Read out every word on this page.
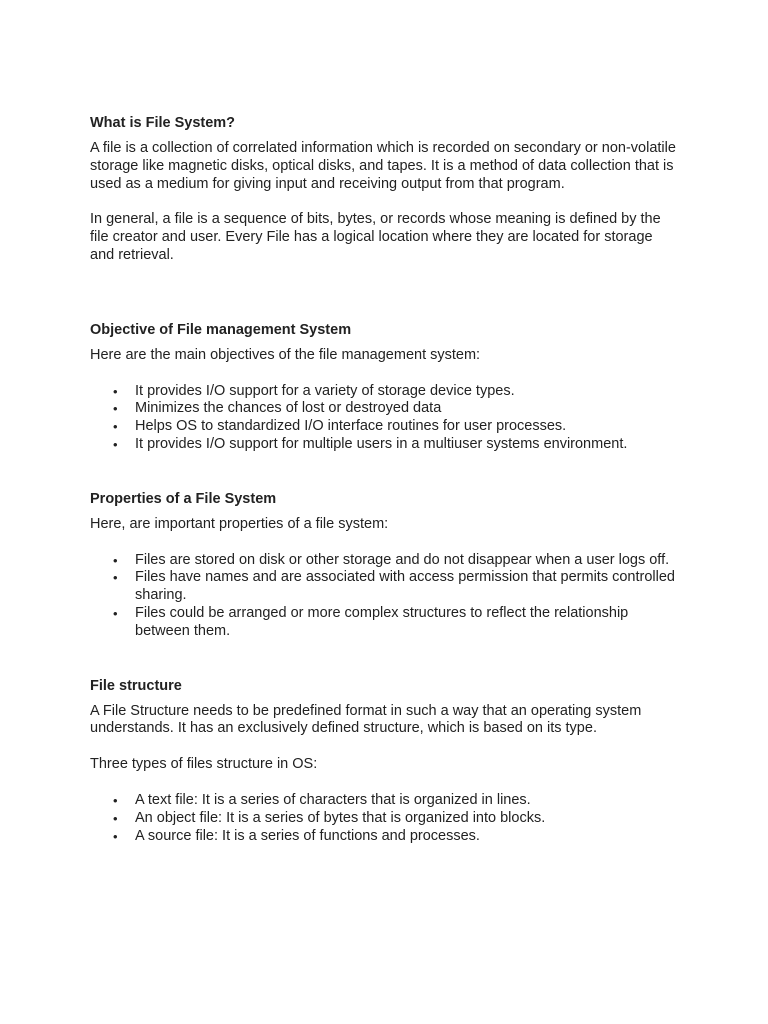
What is File System?

A file is a collection of correlated information which is recorded on secondary or non-volatile storage like magnetic disks, optical disks, and tapes. It is a method of data collection that is used as a medium for giving input and receiving output from that program.

In general, a file is a sequence of bits, bytes, or records whose meaning is defined by the file creator and user. Every File has a logical location where they are located for storage and retrieval.

Objective of File management System

Here are the main objectives of the file management system:

• It provides I/O support for a variety of storage device types.
• Minimizes the chances of lost or destroyed data
• Helps OS to standardized I/O interface routines for user processes.
• It provides I/O support for multiple users in a multiuser systems environment.
Properties of a File System

Here, are important properties of a file system:

• Files are stored on disk or other storage and do not disappear when a user logs off.
• Files have names and are associated with access permission that permits controlled sharing.
• Files could be arranged or more complex structures to reflect the relationship between them.
File structure

A File Structure needs to be predefined format in such a way that an operating system understands. It has an exclusively defined structure, which is based on its type.

Three types of files structure in OS:

• A text file: It is a series of characters that is organized in lines.
• An object file: It is a series of bytes that is organized into blocks.
• A source file: It is a series of functions and processes.
